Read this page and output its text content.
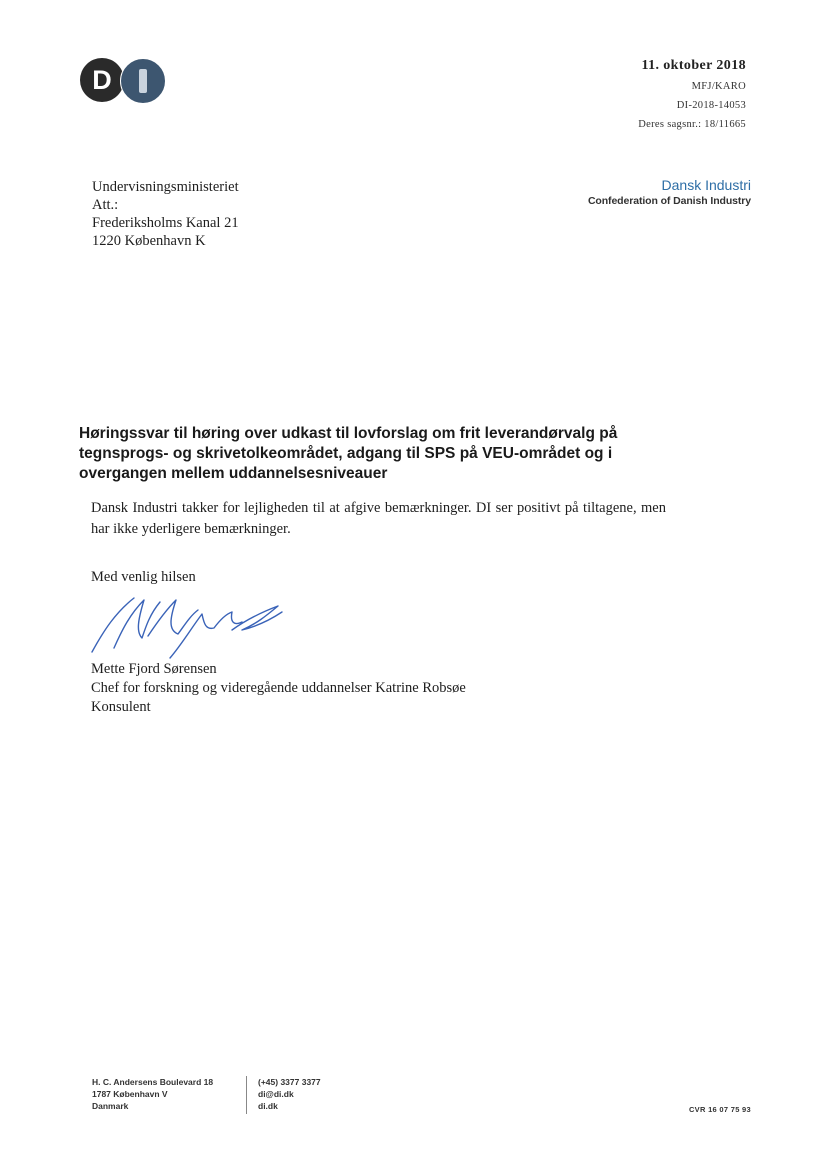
D	11. oktober 2018
MFJ/KARO
DI-2018-14053
Deres sagsnr.: 18/11665
Undervisningsministeriet
Att.:
Frederiksholms Kanal 21
1220 København K
Dansk Industri
Confederation of Danish Industry
Høringssvar til høring over udkast til lovforslag om frit leverandørvalg på tegnsprogs- og skrivetolkeområdet, adgang til SPS på VEU-området og i overgangen mellem uddannelsesniveauer
Dansk Industri takker for lejligheden til at afgive bemærkninger. DI ser positivt på tiltagene, men har ikke yderligere bemærkninger.
Med venlig hilsen
Mette Fjord Sørensen
Chef for forskning og videregående uddannelser Katrine Robsøe
Konsulent
H. C. Andersens Boulevard 18
1787 København V
Danmark
(+45) 3377 3377
di@di.dk
di.dk	CVR 16 07 75 93
